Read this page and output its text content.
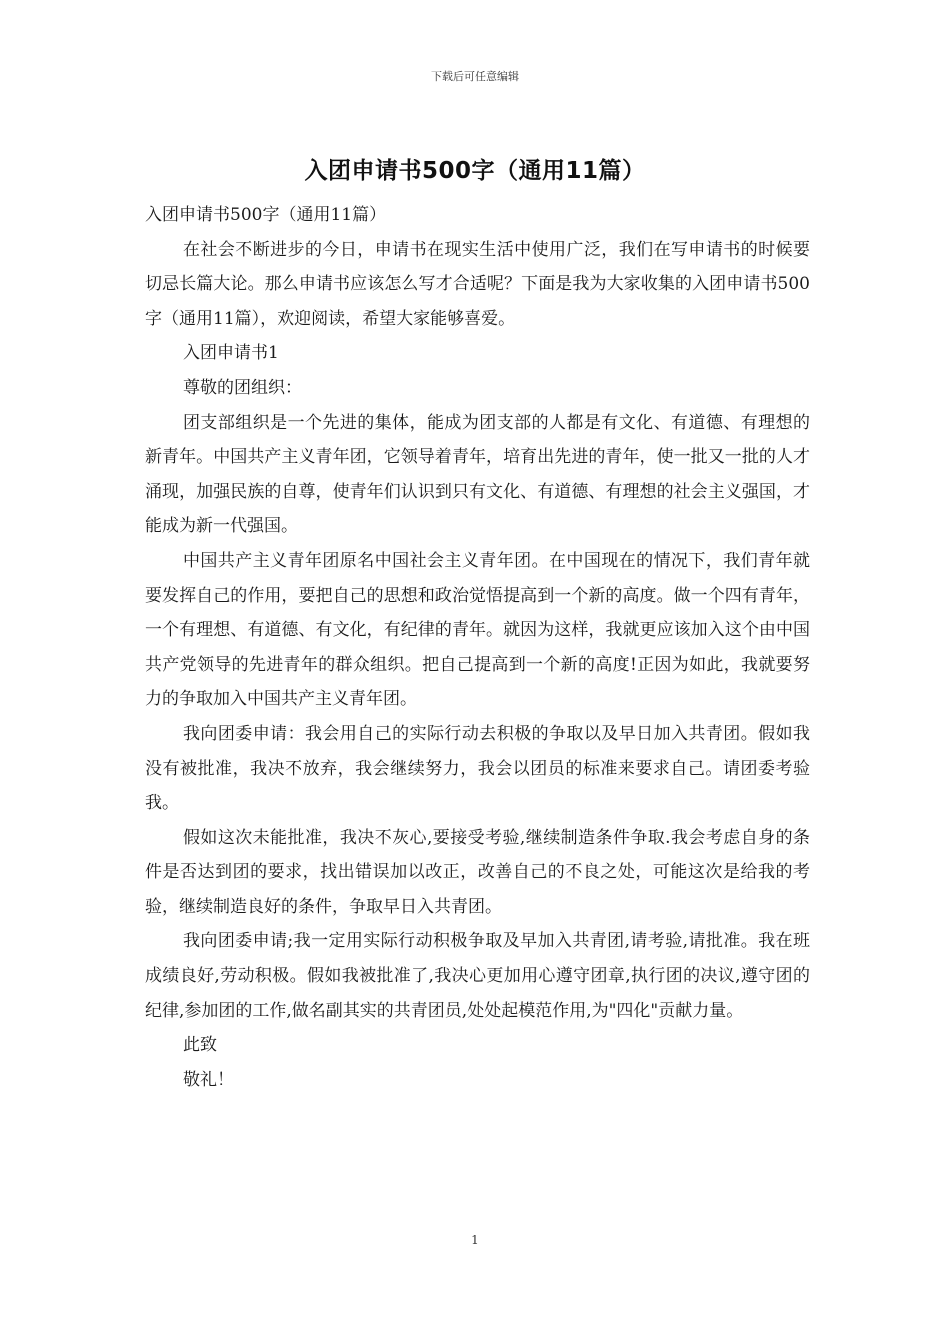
下载后可任意编辑
入团申请书500字（通用11篇）

入团申请书500字（通用11篇）

在社会不断进步的今日，申请书在现实生活中使用广泛，我们在写申请书的时候要切忌长篇大论。那么申请书应该怎么写才合适呢？下面是我为大家收集的入团申请书500字（通用11篇），欢迎阅读，希望大家能够喜爱。

入团申请书1

尊敬的团组织：

团支部组织是一个先进的集体，能成为团支部的人都是有文化、有道德、有理想的新青年。中国共产主义青年团，它领导着青年，培育出先进的青年，使一批又一批的人才涌现，加强民族的自尊，使青年们认识到只有文化、有道德、有理想的社会主义强国，才能成为新一代强国。

中国共产主义青年团原名中国社会主义青年团。在中国现在的情况下，我们青年就要发挥自己的作用，要把自己的思想和政治觉悟提高到一个新的高度。做一个四有青年，一个有理想、有道德、有文化，有纪律的青年。就因为这样，我就更应该加入这个由中国共产党领导的先进青年的群众组织。把自己提高到一个新的高度!正因为如此，我就要努力的争取加入中国共产主义青年团。

我向团委申请：我会用自己的实际行动去积极的争取以及早日加入共青团。假如我没有被批准，我决不放弃，我会继续努力，我会以团员的标准来要求自己。请团委考验我。

假如这次未能批准，我决不灰心,要接受考验,继续制造条件争取.我会考虑自身的条件是否达到团的要求，找出错误加以改正，改善自己的不良之处，可能这次是给我的考验，继续制造良好的条件，争取早日入共青团。

我向团委申请;我一定用实际行动积极争取及早加入共青团,请考验,请批准。我在班成绩良好,劳动积极。假如我被批准了,我决心更加用心遵守团章,执行团的决议,遵守团的纪律,参加团的工作,做名副其实的共青团员,处处起模范作用,为"四化"贡献力量。

此致

敬礼！

1
